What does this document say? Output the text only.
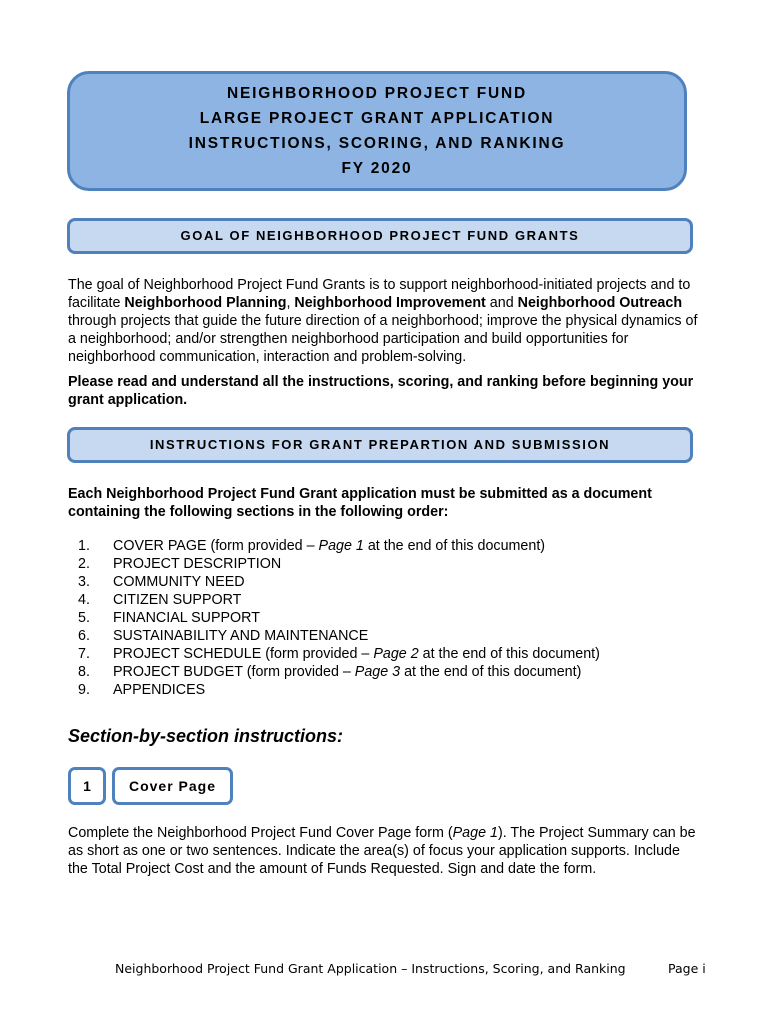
NEIGHBORHOOD PROJECT FUND
LARGE PROJECT GRANT APPLICATION
INSTRUCTIONS, SCORING, AND RANKING
FY 2020
GOAL OF NEIGHBORHOOD PROJECT FUND GRANTS
The goal of Neighborhood Project Fund Grants is to support neighborhood-initiated projects and to facilitate Neighborhood Planning, Neighborhood Improvement and Neighborhood Outreach through projects that guide the future direction of a neighborhood; improve the physical dynamics of a neighborhood; and/or strengthen neighborhood participation and build opportunities for neighborhood communication, interaction and problem-solving.
Please read and understand all the instructions, scoring, and ranking before beginning your grant application.
INSTRUCTIONS FOR GRANT PREPARTION AND SUBMISSION
Each Neighborhood Project Fund Grant application must be submitted as a document containing the following sections in the following order:
1. COVER PAGE (form provided – Page 1 at the end of this document)
2. PROJECT DESCRIPTION
3. COMMUNITY NEED
4. CITIZEN SUPPORT
5. FINANCIAL SUPPORT
6. SUSTAINABILITY AND MAINTENANCE
7. PROJECT SCHEDULE (form provided – Page 2 at the end of this document)
8. PROJECT BUDGET (form provided – Page 3 at the end of this document)
9. APPENDICES
Section-by-section instructions:
1	Cover Page
Complete the Neighborhood Project Fund Cover Page form (Page 1). The Project Summary can be as short as one or two sentences. Indicate the area(s) of focus your application supports. Include the Total Project Cost and the amount of Funds Requested. Sign and date the form.
Neighborhood Project Fund Grant Application – Instructions, Scoring, and Ranking	Page i
